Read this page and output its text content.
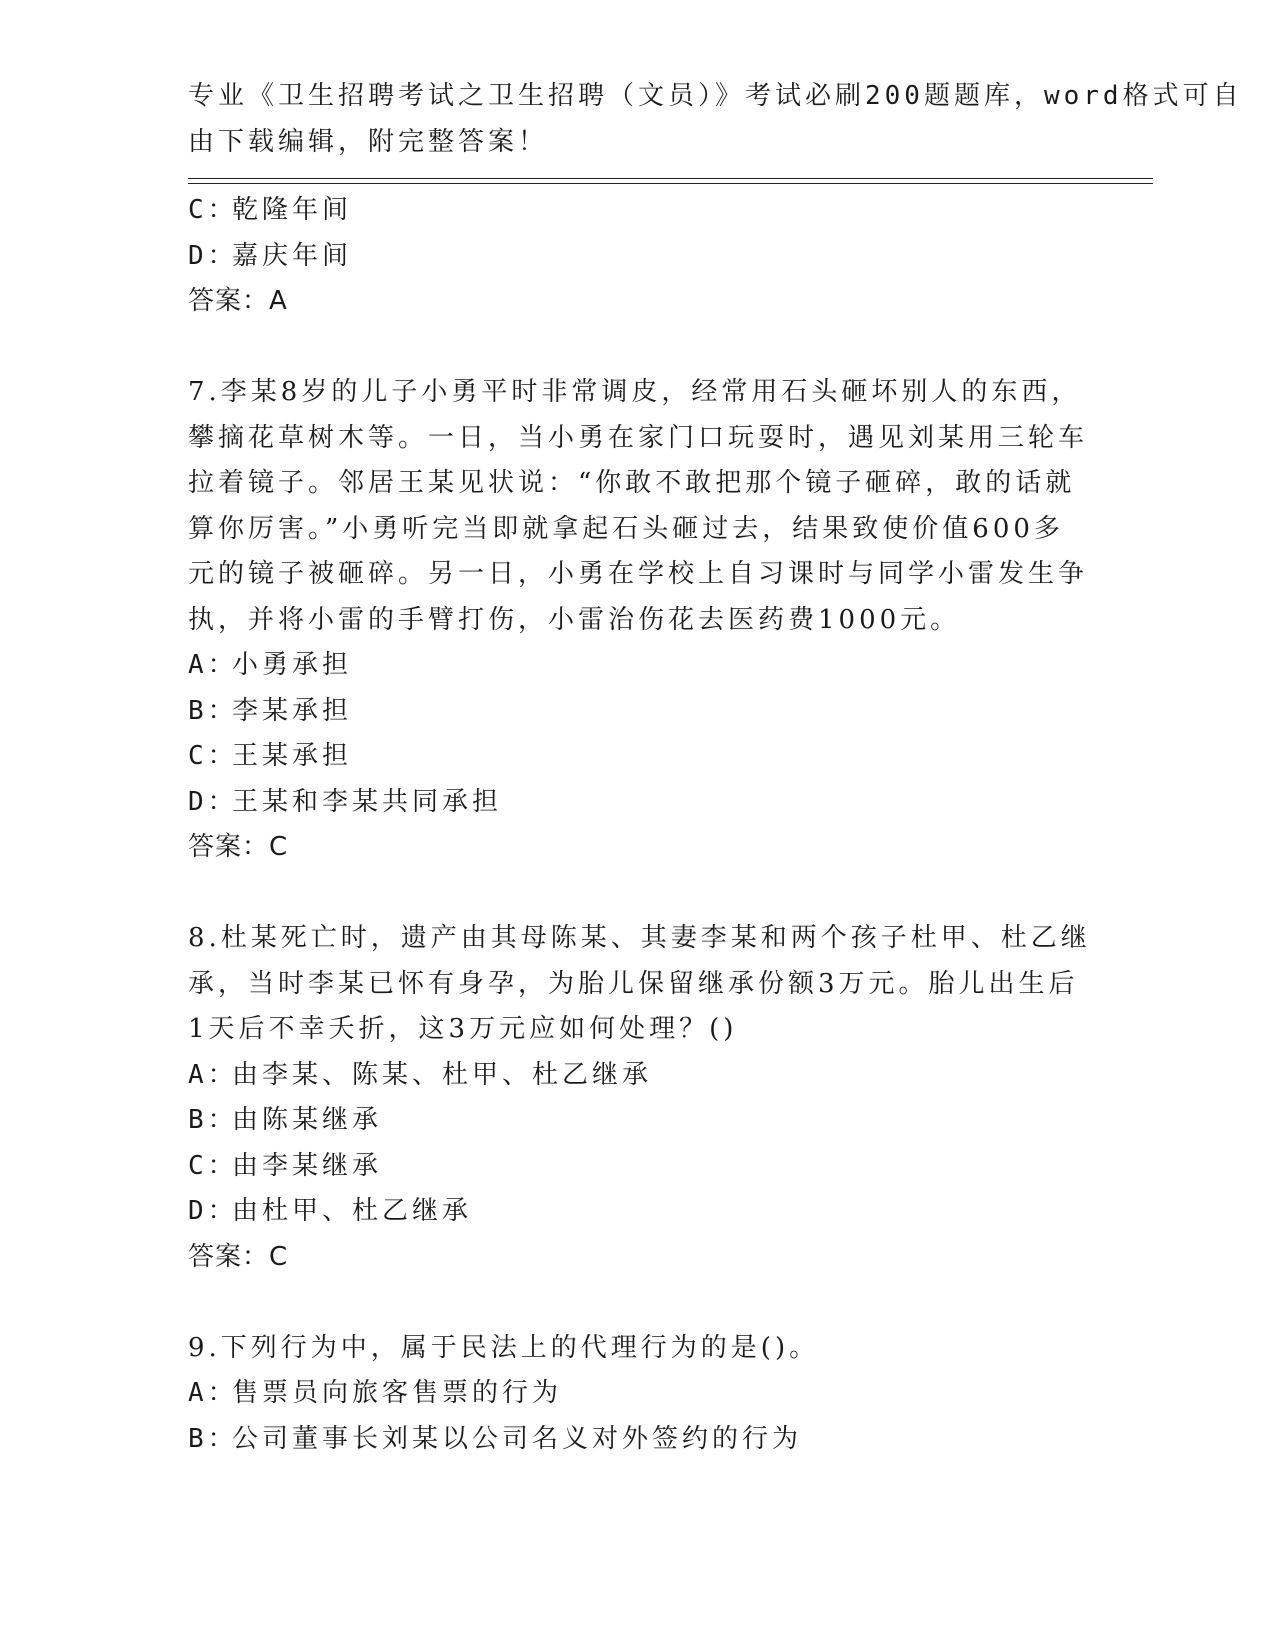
专业《卫生招聘考试之卫生招聘（文员）》考试必刷200题题库，word格式可自
由下载编辑，附完整答案！
C：
乾隆年间
D：
嘉庆年间
答案：A
7.李某8岁的儿子小勇平时非常调皮，经常用石头砸坏别人的东西，
攀摘花草树木等。一日，当小勇在家门口玩耍时，遇见刘某用三轮车
拉着镜子。邻居王某见状说：“你敢不敢把那个镜子砸碎，敢的话就
算你厉害。”小勇听完当即就拿起石头砸过去，结果致使价值600多
元的镜子被砸碎。另一日，小勇在学校上自习课时与同学小雷发生争
执，并将小雷的手臂打伤，小雷治伤花去医药费1000元。
A：
小勇承担
B：
李某承担
C：
王某承担
D：
王某和李某共同承担
答案：C
8.杜某死亡时，遗产由其母陈某、其妻李某和两个孩子杜甲、杜乙继
承，当时李某已怀有身孕，为胎儿保留继承份额3万元。胎儿出生后
1天后不幸夭折，这3万元应如何处理？()
A：
由李某、陈某、杜甲、杜乙继承
B：
由陈某继承
C：
由李某继承
D：
由杜甲、杜乙继承
答案：C
9.下列行为中，属于民法上的代理行为的是()。
A：
售票员向旅客售票的行为
B：
公司董事长刘某以公司名义对外签约的行为
